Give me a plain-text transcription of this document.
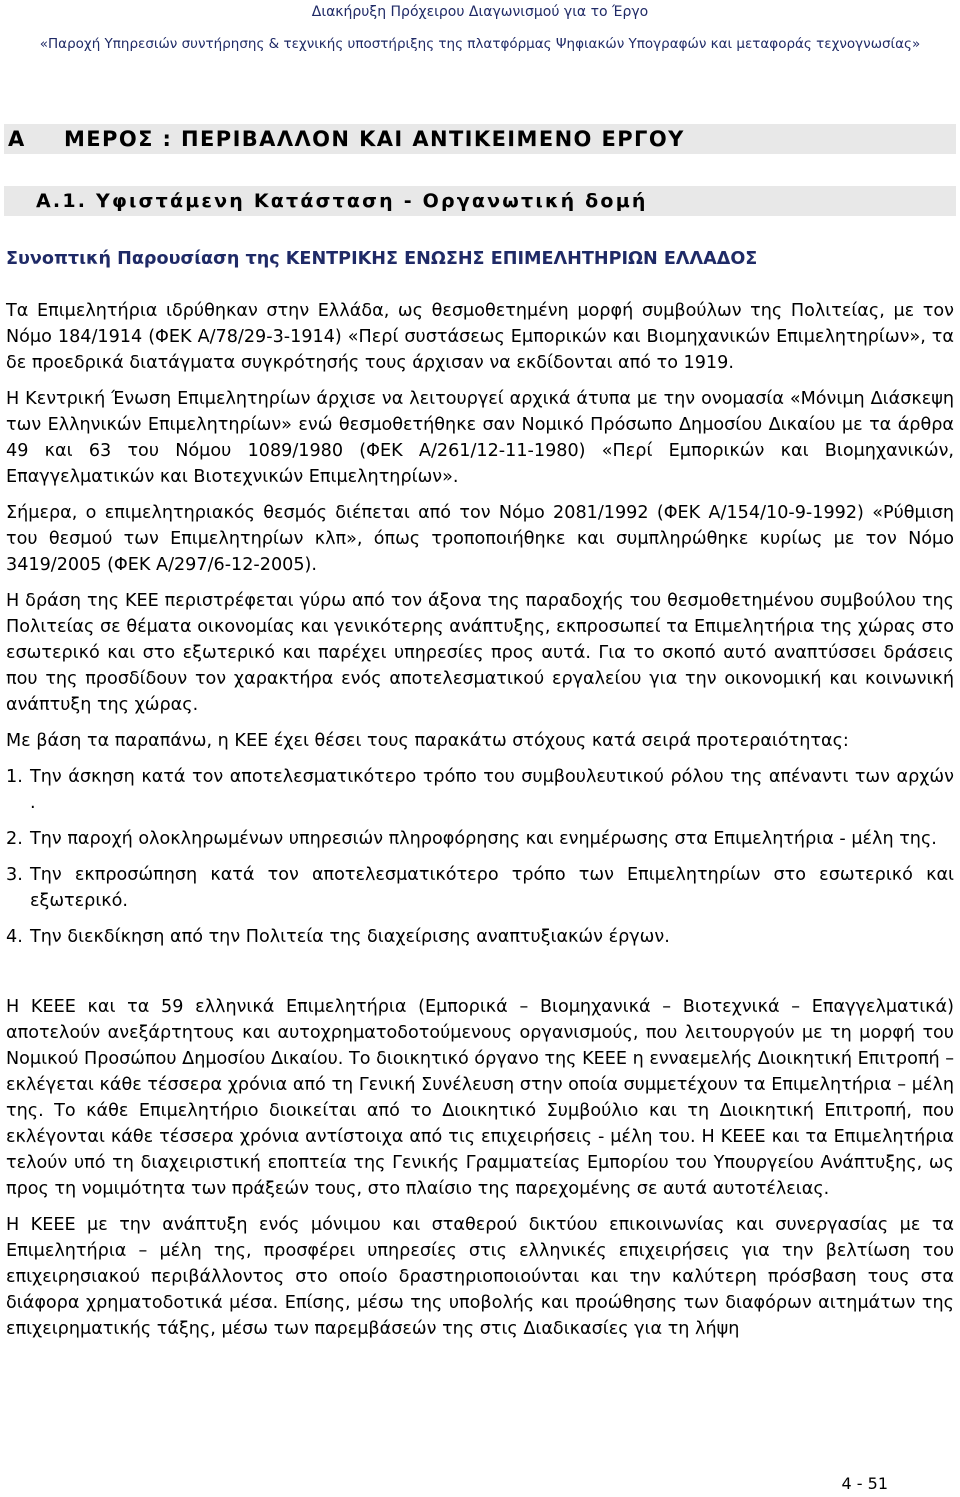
Διακήρυξη Πρόχειρου Διαγωνισμού για το Έργο
«Παροχή Υπηρεσιών συντήρησης & τεχνικής υποστήριξης της πλατφόρμας Ψηφιακών Υπογραφών και μεταφοράς τεχνογνωσίας»
Α ΜΕΡΟΣ : ΠΕΡΙΒΑΛΛΟΝ ΚΑΙ ΑΝΤΙΚΕΙΜΕΝΟ ΕΡΓΟΥ
Α.1. Υφιστάμενη Κατάσταση - Οργανωτική δομή
Συνοπτική Παρουσίαση της ΚΕΝΤΡΙΚΗΣ ΕΝΩΣΗΣ ΕΠΙΜΕΛΗΤΗΡΙΩΝ ΕΛΛΑΔΟΣ

Τα Επιμελητήρια ιδρύθηκαν στην Ελλάδα, ως θεσμοθετημένη μορφή συμβούλων της Πολιτείας, με τον Νόμο 184/1914 (ΦΕΚ Α/78/29-3-1914) «Περί συστάσεως Εμπορικών και Βιομηχανικών Επιμελητηρίων», τα δε προεδρικά διατάγματα συγκρότησής τους άρχισαν να εκδίδονται από το 1919.

Η Κεντρική Ένωση Επιμελητηρίων άρχισε να λειτουργεί αρχικά άτυπα με την ονομασία «Μόνιμη Διάσκεψη των Ελληνικών Επιμελητηρίων» ενώ θεσμοθετήθηκε σαν Νομικό Πρόσωπο Δημοσίου Δικαίου με τα άρθρα 49 και 63 του Νόμου 1089/1980 (ΦΕΚ Α/261/12-11-1980) «Περί Εμπορικών και Βιομηχανικών, Επαγγελματικών και Βιοτεχνικών Επιμελητηρίων».

Σήμερα, ο επιμελητηριακός θεσμός διέπεται από τον Νόμο 2081/1992 (ΦΕΚ Α/154/10-9-1992) «Ρύθμιση του θεσμού των Επιμελητηρίων κλπ», όπως τροποποιήθηκε και συμπληρώθηκε κυρίως με τον Νόμο 3419/2005 (ΦΕΚ Α/297/6-12-2005).

Η δράση της ΚΕΕ περιστρέφεται γύρω από τον άξονα της παραδοχής του θεσμοθετημένου συμβούλου της Πολιτείας σε θέματα οικονομίας και γενικότερης ανάπτυξης, εκπροσωπεί τα Επιμελητήρια της χώρας στο εσωτερικό και στο εξωτερικό και παρέχει υπηρεσίες προς αυτά. Για το σκοπό αυτό αναπτύσσει δράσεις που της προσδίδουν τον χαρακτήρα ενός αποτελεσματικού εργαλείου για την οικονομική και κοινωνική ανάπτυξη της χώρας.

Με βάση τα παραπάνω, η ΚΕΕ έχει θέσει τους παρακάτω στόχους κατά σειρά προτεραιότητας:

1. Την άσκηση κατά τον αποτελεσματικότερο τρόπο του συμβουλευτικού ρόλου της απέναντι των αρχών .
2. Την παροχή ολοκληρωμένων υπηρεσιών πληροφόρησης και ενημέρωσης στα Επιμελητήρια - μέλη της.
3. Την εκπροσώπηση κατά τον αποτελεσματικότερο τρόπο των Επιμελητηρίων στο εσωτερικό και εξωτερικό.
4. Την διεκδίκηση από την Πολιτεία της διαχείρισης αναπτυξιακών έργων.

Η ΚΕΕΕ και τα 59 ελληνικά Επιμελητήρια (Εμπορικά – Βιομηχανικά – Βιοτεχνικά – Επαγγελματικά) αποτελούν ανεξάρτητους και αυτοχρηματοδοτούμενους οργανισμούς, που λειτουργούν με τη μορφή του Νομικού Προσώπου Δημοσίου Δικαίου. Το διοικητικό όργανο της ΚΕΕΕ η ενναεμελής Διοικητική Επιτροπή – εκλέγεται κάθε τέσσερα χρόνια από τη Γενική Συνέλευση στην οποία συμμετέχουν τα Επιμελητήρια – μέλη της. Το κάθε Επιμελητήριο διοικείται από το Διοικητικό Συμβούλιο και τη Διοικητική Επιτροπή, που εκλέγονται κάθε τέσσερα χρόνια αντίστοιχα από τις επιχειρήσεις - μέλη του. Η ΚΕΕΕ και τα Επιμελητήρια τελούν υπό τη διαχειριστική εποπτεία της Γενικής Γραμματείας Εμπορίου του Υπουργείου Ανάπτυξης, ως προς τη νομιμότητα των πράξεών τους, στο πλαίσιο της παρεχομένης σε αυτά αυτοτέλειας.

Η ΚΕΕΕ με την ανάπτυξη ενός μόνιμου και σταθερού δικτύου επικοινωνίας και συνεργασίας με τα Επιμελητήρια – μέλη της, προσφέρει υπηρεσίες στις ελληνικές επιχειρήσεις για την βελτίωση του επιχειρησιακού περιβάλλοντος στο οποίο δραστηριοποιούνται και την καλύτερη πρόσβαση τους στα διάφορα χρηματοδοτικά μέσα. Επίσης, μέσω της υποβολής και προώθησης των διαφόρων αιτημάτων της επιχειρηματικής τάξης, μέσω των παρεμβάσεών της στις Διαδικασίες για τη λήψη

4 - 51
